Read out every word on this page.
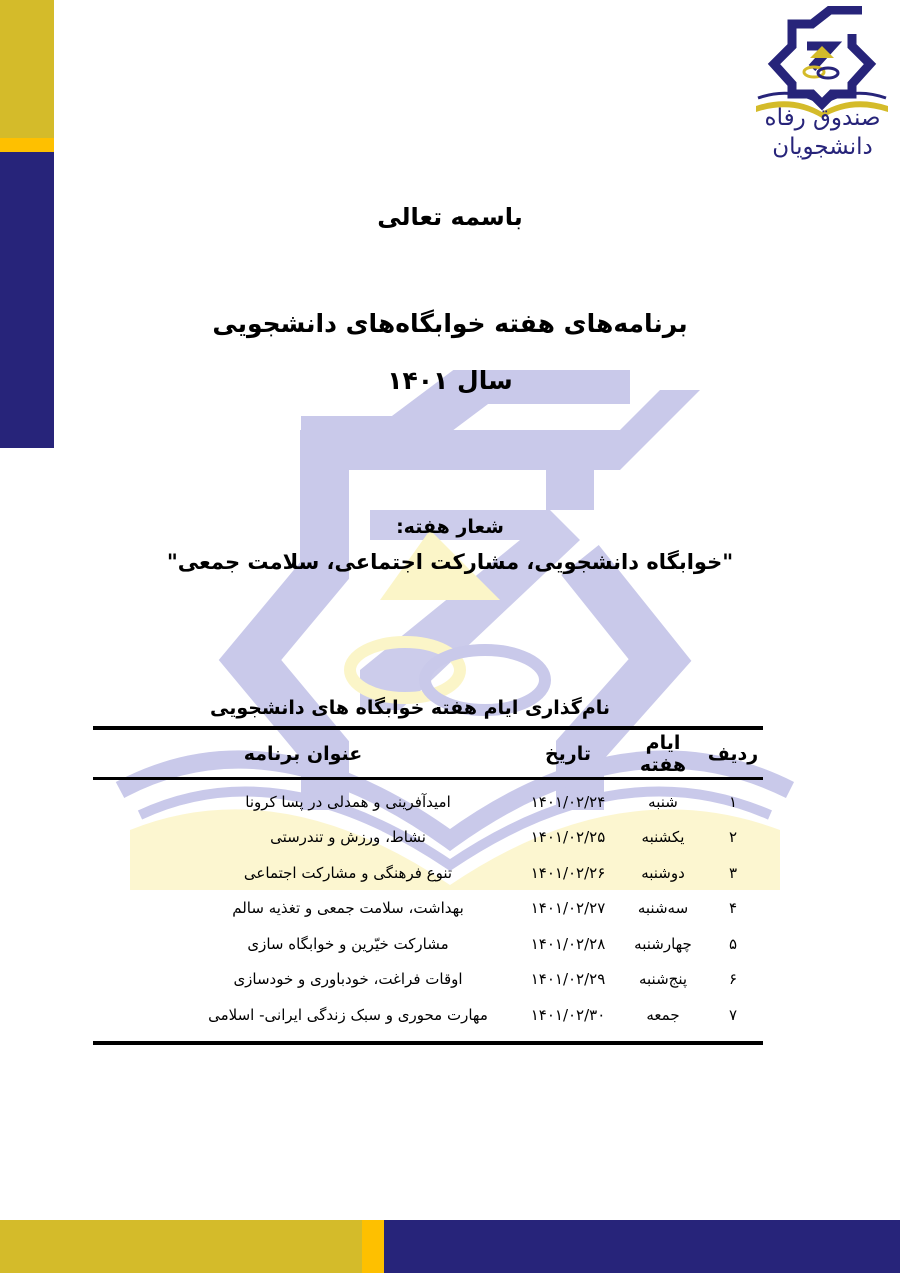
صندوق رفاه
دانشجویان
باسمه تعالی
برنامه‌های هفته خوابگاه‌های دانشجویی
سال ۱۴۰۱
شعار هفته:
"خوابگاه دانشجویی، مشارکت اجتماعی، سلامت جمعی"
نام‌گذاری ایام هفته خوابگاه های دانشجویی
ردیف
ایام هفته
تاریخ
عنوان برنامه
۱
شنبه
۱۴۰۱/۰۲/۲۴
امیدآفرینی و همدلی در پسا کرونا
۲
یکشنبه
۱۴۰۱/۰۲/۲۵
نشاط، ورزش و تندرستی
۳
دوشنبه
۱۴۰۱/۰۲/۲۶
تنوع فرهنگی و مشارکت اجتماعی
۴
سه‌شنبه
۱۴۰۱/۰۲/۲۷
بهداشت، سلامت جمعی و تغذیه سالم
۵
چهارشنبه
۱۴۰۱/۰۲/۲۸
مشارکت خیّرین و خوابگاه سازی
۶
پنج‌شنبه
۱۴۰۱/۰۲/۲۹
اوقات فراغت، خودباوری و خودسازی
۷
جمعه
۱۴۰۱/۰۲/۳۰
مهارت محوری و سبک زندگی ایرانی- اسلامی
